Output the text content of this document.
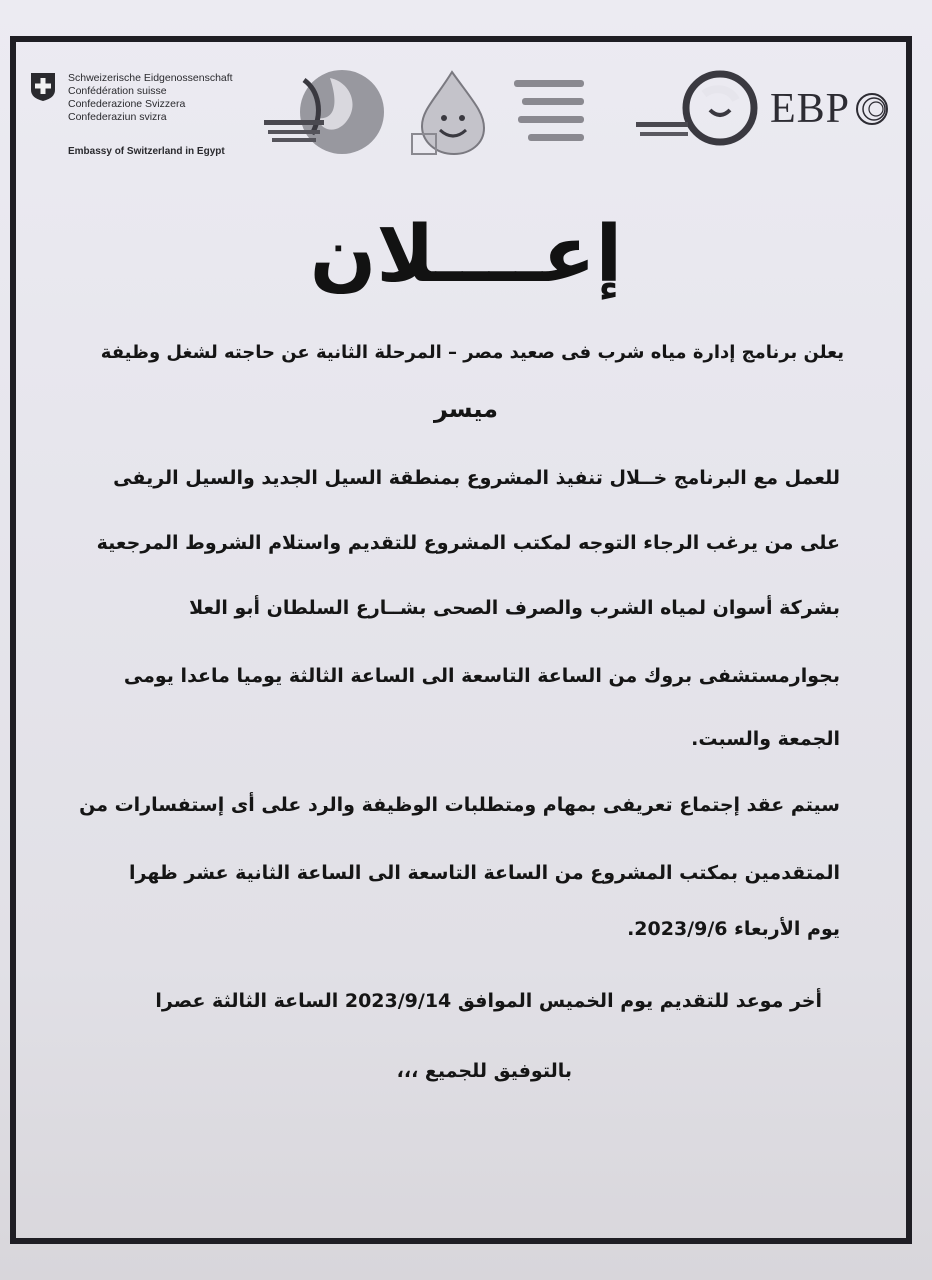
Schweizerische Eidgenossenschaft
Confédération suisse
Confederazione Svizzera
Confederaziun svizra
Embassy of Switzerland in Egypt
EBP
إعــــلان
يعلن برنامج إدارة مياه شرب فى صعيد مصر – المرحلة الثانية عن حاجته لشغل وظيفة
ميسر
للعمل مع البرنامج خــلال تنفيذ المشروع بمنطقة السيل الجديد والسيل الريفى
على من يرغب الرجاء التوجه لمكتب المشروع للتقديم واستلام الشروط المرجعية
بشركة أسوان لمياه الشرب والصرف الصحى بشــارع السلطان أبو العلا
بجوارمستشفى بروك من الساعة التاسعة الى الساعة الثالثة يوميا ماعدا يومى
الجمعة والسبت.
سيتم عقد إجتماع تعريفى بمهام ومتطلبات الوظيفة والرد على أى إستفسارات من
المتقدمين بمكتب المشروع من الساعة التاسعة الى الساعة الثانية عشر ظهرا
يوم الأربعاء 2023/9/6.
أخر موعد للتقديم يوم الخميس الموافق 2023/9/14 الساعة الثالثة عصرا
بالتوفيق للجميع ،،،
